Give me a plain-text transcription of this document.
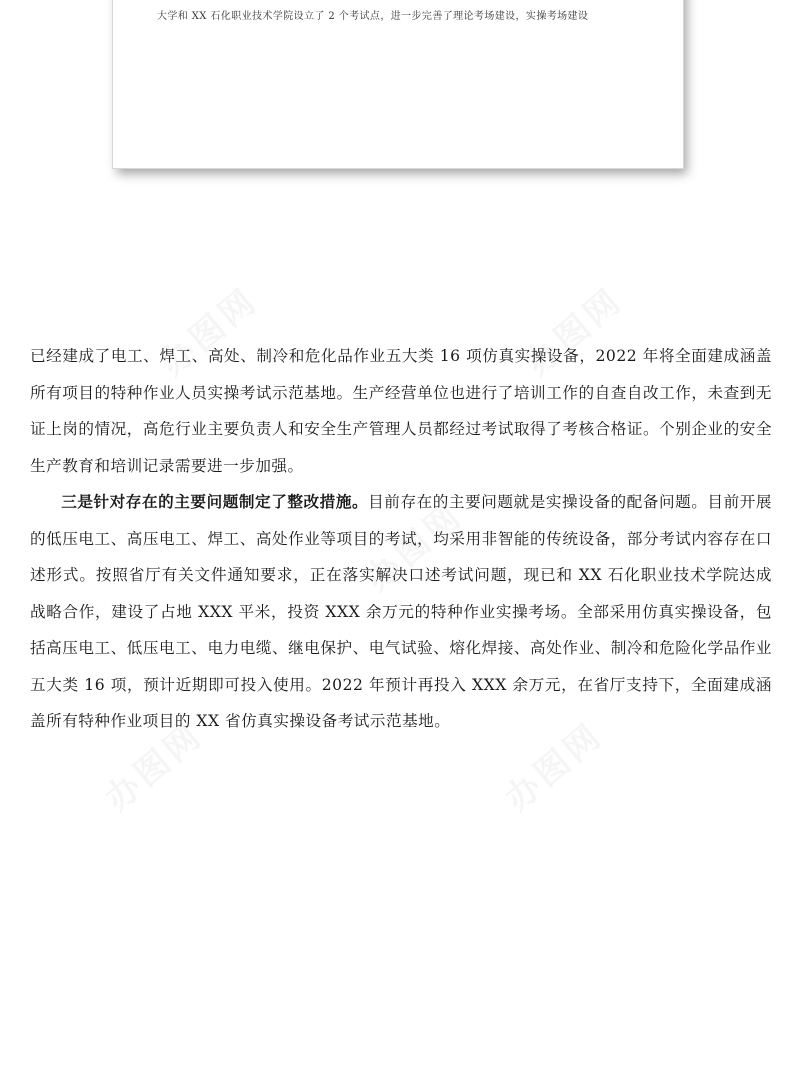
大学和 XX 石化职业技术学院设立了 2 个考试点，进一步完善了理论考场建设，实操考场建设
办图网	办图网
办图网
办图网	办图网

已经建成了电工、焊工、高处、制冷和危化品作业五大类 16 项仿真实操设备，2022 年将全面建成涵盖所有项目的特种作业人员实操考试示范基地。生产经营单位也进行了培训工作的自查自改工作，未查到无证上岗的情况，高危行业主要负责人和安全生产管理人员都经过考试取得了考核合格证。个别企业的安全生产教育和培训记录需要进一步加强。

三是针对存在的主要问题制定了整改措施。目前存在的主要问题就是实操设备的配备问题。目前开展的低压电工、高压电工、焊工、高处作业等项目的考试，均采用非智能的传统设备，部分考试内容存在口述形式。按照省厅有关文件通知要求，正在落实解决口述考试问题，现已和 XX 石化职业技术学院达成战略合作，建设了占地 XXX 平米，投资 XXX 余万元的特种作业实操考场。全部采用仿真实操设备，包括高压电工、低压电工、电力电缆、继电保护、电气试验、熔化焊接、高处作业、制冷和危险化学品作业五大类 16 项，预计近期即可投入使用。2022 年预计再投入 XXX 余万元，在省厅支持下，全面建成涵盖所有特种作业项目的 XX 省仿真实操设备考试示范基地。
